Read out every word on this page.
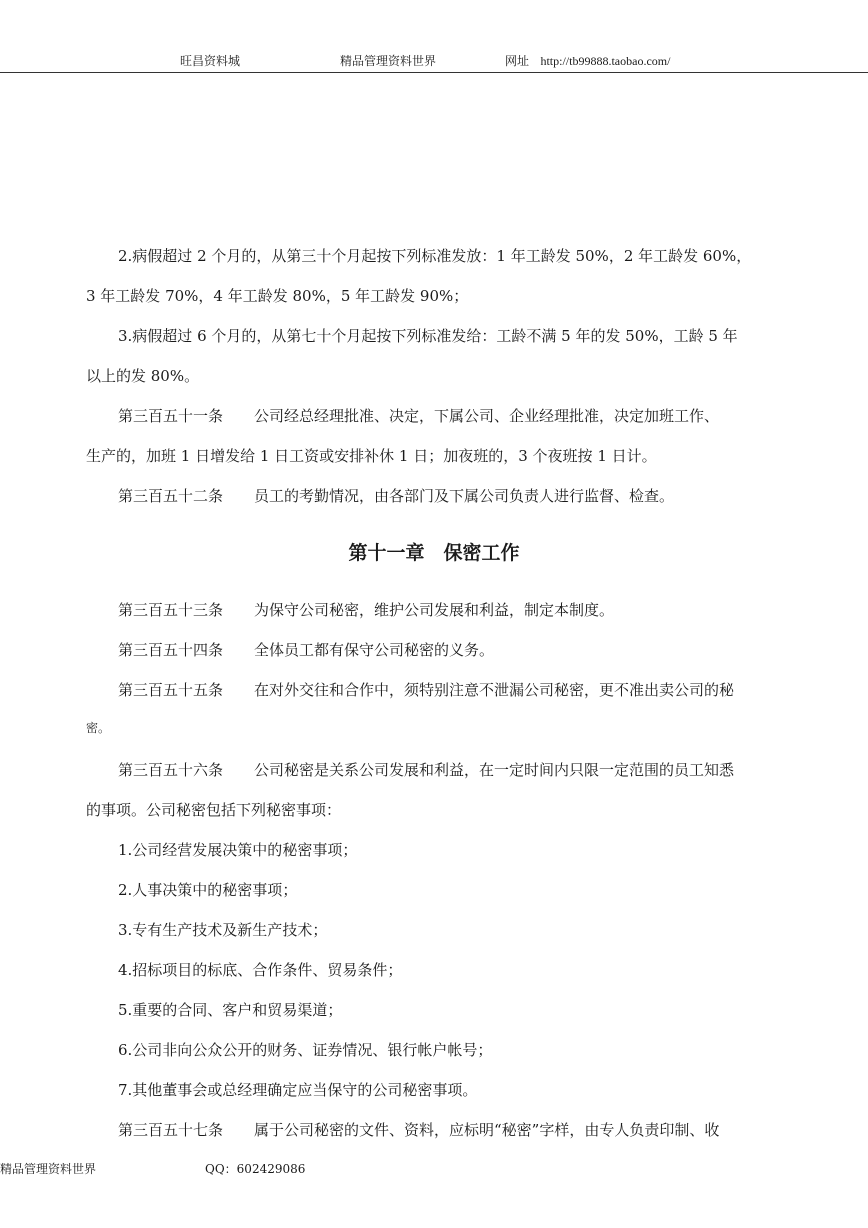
旺昌资料城	精品管理资料世界	网址 http://tb99888.taobao.com/
2.病假超过 2 个月的，从第三十个月起按下列标准发放：1 年工龄发 50%，2 年工龄发 60%，
3 年工龄发 70%，4 年工龄发 80%，5 年工龄发 90%；
3.病假超过 6 个月的，从第七十个月起按下列标准发给：工龄不满 5 年的发 50%，工龄 5 年
以上的发 80%。
第三百五十一条 公司经总经理批准、决定，下属公司、企业经理批准，决定加班工作、
生产的，加班 1 日增发给 1 日工资或安排补休 1 日；加夜班的，3 个夜班按 1 日计。
第三百五十二条 员工的考勤情况，由各部门及下属公司负责人进行监督、检查。
第十一章　保密工作
第三百五十三条 为保守公司秘密，维护公司发展和利益，制定本制度。
第三百五十四条 全体员工都有保守公司秘密的义务。
第三百五十五条 在对外交往和合作中，须特别注意不泄漏公司秘密，更不准出卖公司的秘
密。
第三百五十六条 公司秘密是关系公司发展和利益，在一定时间内只限一定范围的员工知悉
的事项。公司秘密包括下列秘密事项：
1.公司经营发展决策中的秘密事项；
2.人事决策中的秘密事项；
3.专有生产技术及新生产技术；
4.招标项目的标底、合作条件、贸易条件；
5.重要的合同、客户和贸易渠道；
6.公司非向公众公开的财务、证券情况、银行帐户帐号；
7.其他董事会或总经理确定应当保守的公司秘密事项。
第三百五十七条 属于公司秘密的文件、资料，应标明“秘密”字样，由专人负责印制、收
精品管理资料世界	QQ：602429086
